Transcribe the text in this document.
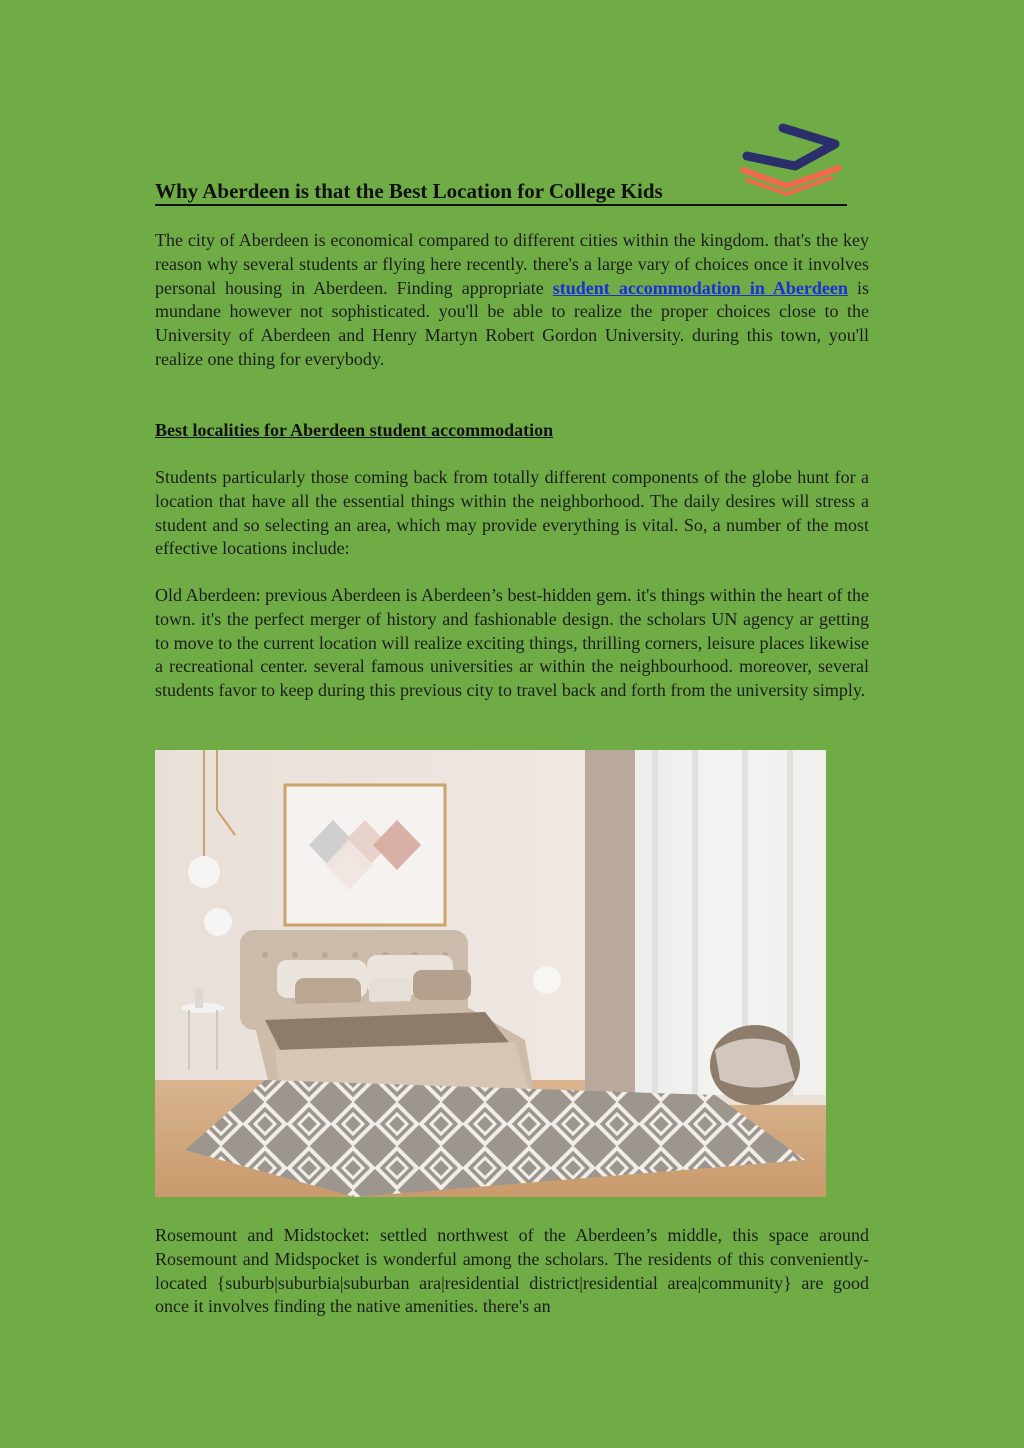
Why Aberdeen is that the Best Location for College Kids

The city of Aberdeen is economical compared to different cities within the kingdom. that's the key reason why several students ar flying here recently. there's a large vary of choices once it involves personal housing in Aberdeen. Finding appropriate student accommodation in Aberdeen is mundane however not sophisticated. you'll be able to realize the proper choices close to the University of Aberdeen and Henry Martyn Robert Gordon University. during this town, you'll realize one thing for everybody.

Best localities for Aberdeen student accommodation

Students particularly those coming back from totally different components of the globe hunt for a location that have all the essential things within the neighborhood. The daily desires will stress a student and so selecting an area, which may provide everything is vital. So, a number of the most effective locations include:

Old Aberdeen: previous Aberdeen is Aberdeen’s best-hidden gem. it's things within the heart of the town. it's the perfect merger of history and fashionable design. the scholars UN agency ar getting to move to the current location will realize exciting things, thrilling corners, leisure places likewise a recreational center. several famous universities ar within the neighbourhood. moreover, several students favor to keep during this previous city to travel back and forth from the university simply.

Rosemount and Midstocket: settled northwest of the Aberdeen’s middle, this space around Rosemount and Midspocket is wonderful among the scholars. The residents of this conveniently-located {suburb|suburbia|suburban ara|residential district|residential area|community} are good once it involves finding the native amenities. there's an
